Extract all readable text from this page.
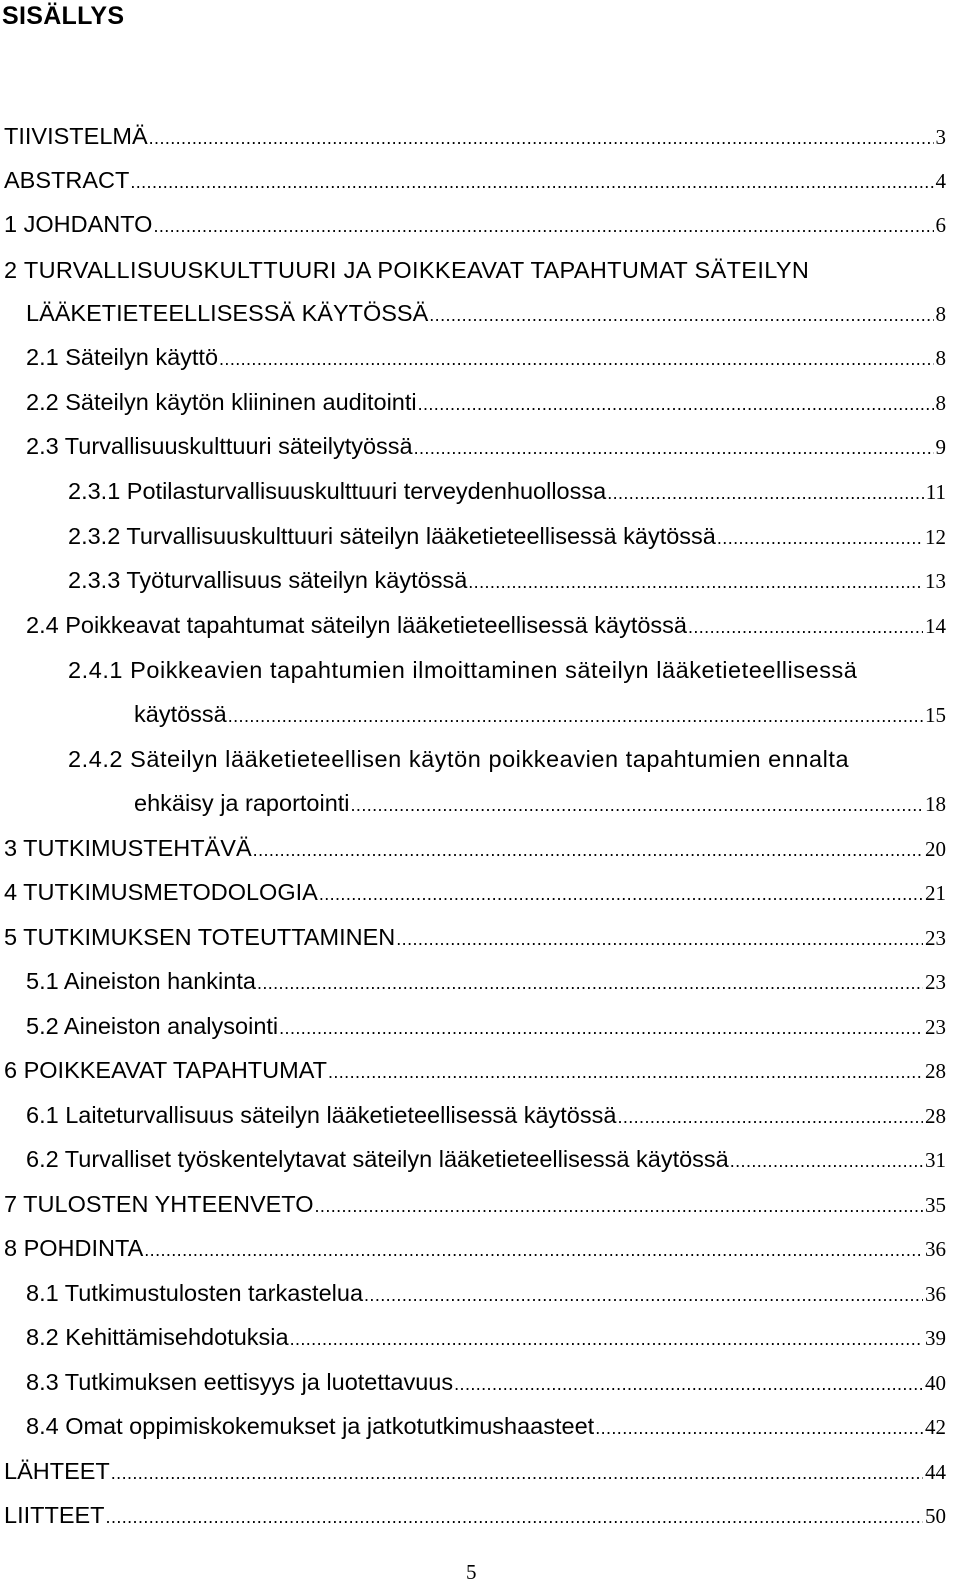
SISÄLLYS
TIIVISTELMÄ .....	3
ABSTRACT .....	4
1 JOHDANTO .....	6
2 TURVALLISUUSKULTTUURI JA POIKKEAVAT TAPAHTUMAT SÄTEILYN
LÄÄKETIETEELLISESSÄ KÄYTÖSSÄ .....	8
2.1 Säteilyn käyttö .....	8
2.2 Säteilyn käytön kliininen auditointi .....	8
2.3 Turvallisuuskulttuuri säteilytyössä .....	9
2.3.1 Potilasturvallisuuskulttuuri terveydenhuollossa .....	11
2.3.2 Turvallisuuskulttuuri säteilyn lääketieteellisessä käytössä .....	12
2.3.3 Työturvallisuus säteilyn käytössä .....	13
2.4 Poikkeavat tapahtumat säteilyn lääketieteellisessä käytössä .....	14
2.4.1 Poikkeavien tapahtumien ilmoittaminen säteilyn lääketieteellisessä
käytössä .....	15
2.4.2 Säteilyn lääketieteellisen käytön poikkeavien tapahtumien ennalta
ehkäisy ja raportointi .....	18
3 TUTKIMUSTEHTÄVÄ .....	20
4 TUTKIMUSMETODOLOGIA .....	21
5 TUTKIMUKSEN TOTEUTTAMINEN .....	23
5.1 Aineiston hankinta .....	23
5.2 Aineiston analysointi .....	23
6 POIKKEAVAT TAPAHTUMAT .....	28
6.1 Laiteturvallisuus säteilyn lääketieteellisessä käytössä .....	28
6.2 Turvalliset työskentelytavat säteilyn lääketieteellisessä käytössä .....	31
7 TULOSTEN YHTEENVETO .....	35
8 POHDINTA .....	36
8.1 Tutkimustulosten tarkastelua .....	36
8.2 Kehittämisehdotuksia .....	39
8.3 Tutkimuksen eettisyys ja luotettavuus .....	40
8.4 Omat oppimiskokemukset ja jatkotutkimushaasteet .....	42
LÄHTEET .....	44
LIITTEET .....	50
5
